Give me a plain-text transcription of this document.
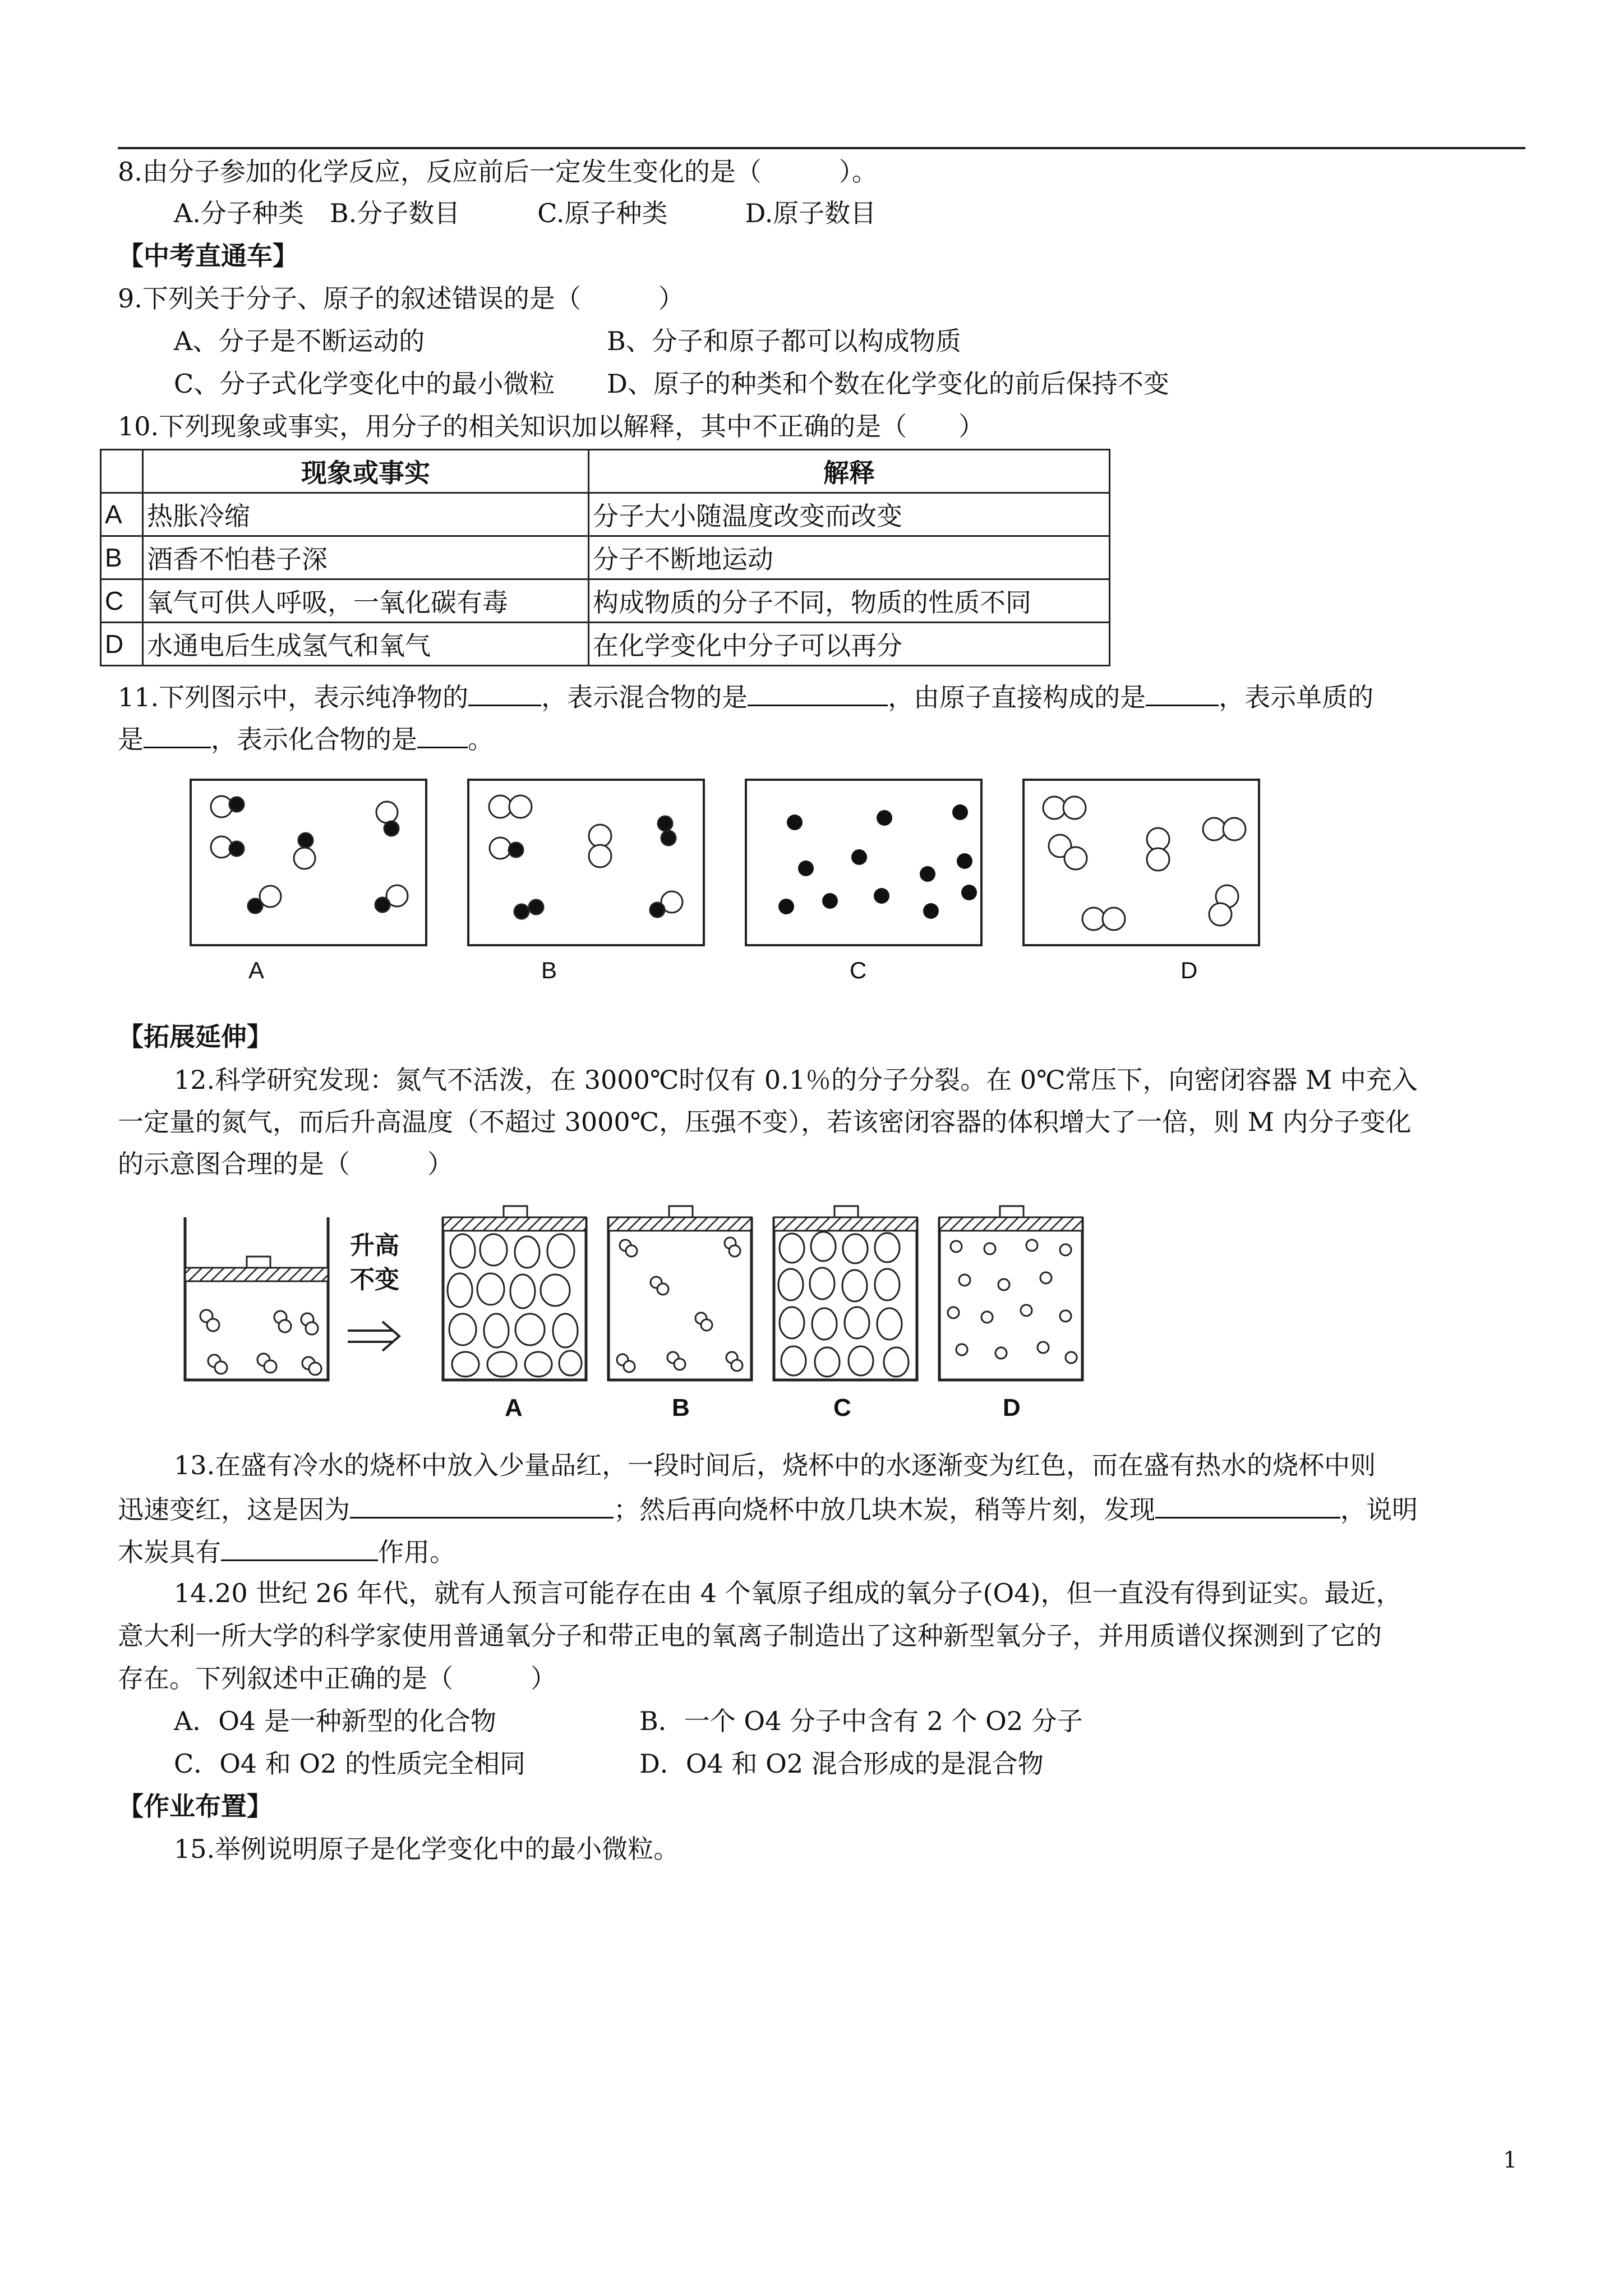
8.由分子参加的化学反应，反应前后一定发生变化的是（　　　）。
A.分子种类　B.分子数目　　　C.原子种类　　　D.原子数目
【中考直通车】
9.下列关于分子、原子的叙述错误的是（　　　）
A、分子是不断运动的	B、分子和原子都可以构成物质
C、分子式化学变化中的最小微粒 D、原子的种类和个数在化学变化的前后保持不变
10.下列现象或事实，用分子的相关知识加以解释，其中不正确的是（　　）
	现象或事实	解释
A	热胀冷缩	分子大小随温度改变而改变
B	酒香不怕巷子深	分子不断地运动
C	氧气可供人呼吸，一氧化碳有毒	构成物质的分子不同，物质的性质不同
D	水通电后生成氢气和氧气	在化学变化中分子可以再分
11.下列图示中，表示纯净物的	，表示混合物的是	，由原子直接构成的是	，表示单质的
是	，表示化合物的是 。
A	B	C	D
【拓展延伸】
12.科学研究发现：氮气不活泼，在 3000℃时仅有 0.1％的分子分裂。在 0℃常压下，向密闭容器 M 中充入
一定量的氮气，而后升高温度（不超过 3000℃，压强不变），若该密闭容器的体积增大了一倍，则 M 内分子变化
的示意图合理的是（　　　）
升高
不变
A	B	C	D
13.在盛有冷水的烧杯中放入少量品红，一段时间后，烧杯中的水逐渐变为红色，而在盛有热水的烧杯中则
迅速变红，这是因为	；然后再向烧杯中放几块木炭，稍等片刻，发现	，说明
木炭具有	作用。
14.20 世纪 26 年代，就有人预言可能存在由 4 个氧原子组成的氧分子(O4)，但一直没有得到证实。最近，
意大利一所大学的科学家使用普通氧分子和带正电的氧离子制造出了这种新型氧分子，并用质谱仪探测到了它的
存在。下列叙述中正确的是（　　　）
A．O4 是一种新型的化合物	B．一个 O4 分子中含有 2 个 O2 分子
C．O4 和 O2 的性质完全相同	D．O4 和 O2 混合形成的是混合物
【作业布置】
15.举例说明原子是化学变化中的最小微粒。
1
